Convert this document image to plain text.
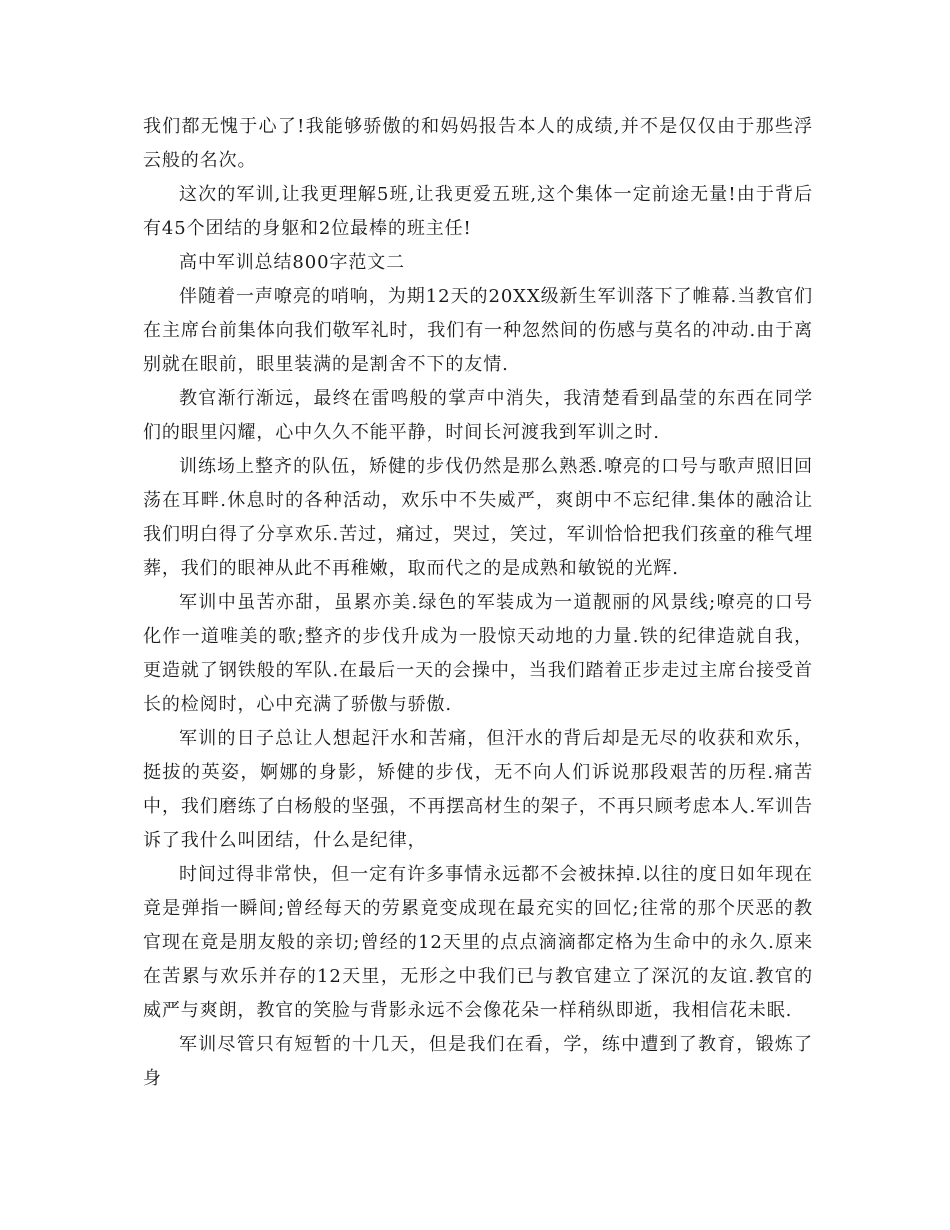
我们都无愧于心了!我能够骄傲的和妈妈报告本人的成绩,并不是仅仅由于那些浮云般的名次。

这次的军训,让我更理解5班,让我更爱五班,这个集体一定前途无量!由于背后有45个团结的身躯和2位最棒的班主任!

高中军训总结800字范文二

伴随着一声嘹亮的哨响，为期12天的20XX级新生军训落下了帷幕.当教官们在主席台前集体向我们敬军礼时，我们有一种忽然间的伤感与莫名的冲动.由于离别就在眼前，眼里装满的是割舍不下的友情.

教官渐行渐远，最终在雷鸣般的掌声中消失，我清楚看到晶莹的东西在同学们的眼里闪耀，心中久久不能平静，时间长河渡我到军训之时.

训练场上整齐的队伍，矫健的步伐仍然是那么熟悉.嘹亮的口号与歌声照旧回荡在耳畔.休息时的各种活动，欢乐中不失威严，爽朗中不忘纪律.集体的融洽让我们明白得了分享欢乐.苦过，痛过，哭过，笑过，军训恰恰把我们孩童的稚气埋葬，我们的眼神从此不再稚嫩，取而代之的是成熟和敏锐的光辉.

军训中虽苦亦甜，虽累亦美.绿色的军装成为一道靓丽的风景线;嘹亮的口号化作一道唯美的歌;整齐的步伐升成为一股惊天动地的力量.铁的纪律造就自我，更造就了钢铁般的军队.在最后一天的会操中，当我们踏着正步走过主席台接受首长的检阅时，心中充满了骄傲与骄傲.

军训的日子总让人想起汗水和苦痛，但汗水的背后却是无尽的收获和欢乐，挺拔的英姿，婀娜的身影，矫健的步伐，无不向人们诉说那段艰苦的历程.痛苦中，我们磨练了白杨般的坚强，不再摆高材生的架子，不再只顾考虑本人.军训告诉了我什么叫团结，什么是纪律，

时间过得非常快，但一定有许多事情永远都不会被抹掉.以往的度日如年现在竟是弹指一瞬间;曾经每天的劳累竟变成现在最充实的回忆;往常的那个厌恶的教官现在竟是朋友般的亲切;曾经的12天里的点点滴滴都定格为生命中的永久.原来在苦累与欢乐并存的12天里，无形之中我们已与教官建立了深沉的友谊.教官的威严与爽朗，教官的笑脸与背影永远不会像花朵一样稍纵即逝，我相信花未眠.

军训尽管只有短暂的十几天，但是我们在看，学，练中遭到了教育，锻炼了身
